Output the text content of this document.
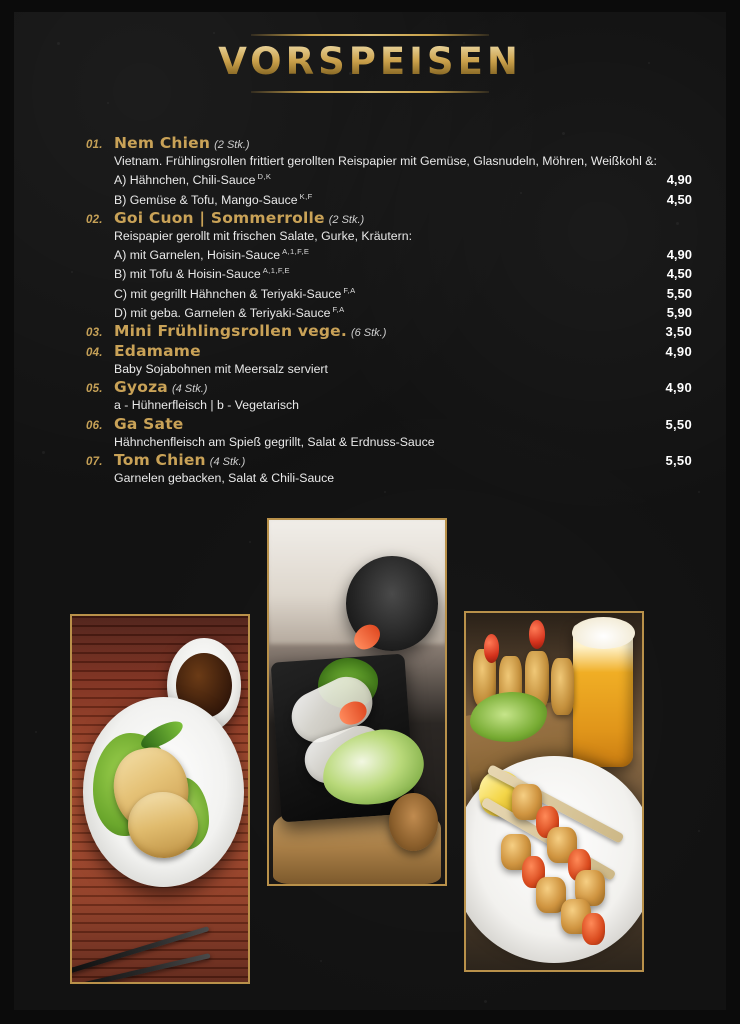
VORSPEISEN
01. Nem Chien (2 Stk.)
Vietnam. Frühlingsrollen frittiert gerollten Reispapier mit Gemüse, Glasnudeln, Möhren, Weißkohl &:
A) Hähnchen, Chili-Sauce $^{D,K}$	4,90
B) Gemüse & Tofu, Mango-Sauce $^{K,F}$	4,50
02. Goi Cuon | Sommerrolle (2 Stk.)
Reispapier gerollt mit frischen Salate, Gurke, Kräutern:
A) mit Garnelen, Hoisin-Sauce $^{A,1,F,E}$	4,90
B) mit Tofu & Hoisin-Sauce $^{A,1,F,E}$	4,50
C) mit gegrillt Hähnchen & Teriyaki-Sauce $^{F,A}$	5,50
D) mit geba. Garnelen & Teriyaki-Sauce $^{F,A}$	5,90
03. Mini Frühlingsrollen vege. (6 Stk.)	3,50
04. Edamame	4,90
Baby Sojabohnen mit Meersalz serviert
05. Gyoza (4 Stk.)	4,90
a - Hühnerfleisch | b - Vegetarisch
06. Ga Sate	5,50
Hähnchenfleisch am Spieß gegrillt, Salat & Erdnuss-Sauce
07. Tom Chien (4 Stk.)	5,50
Garnelen gebacken, Salat & Chili-Sauce
